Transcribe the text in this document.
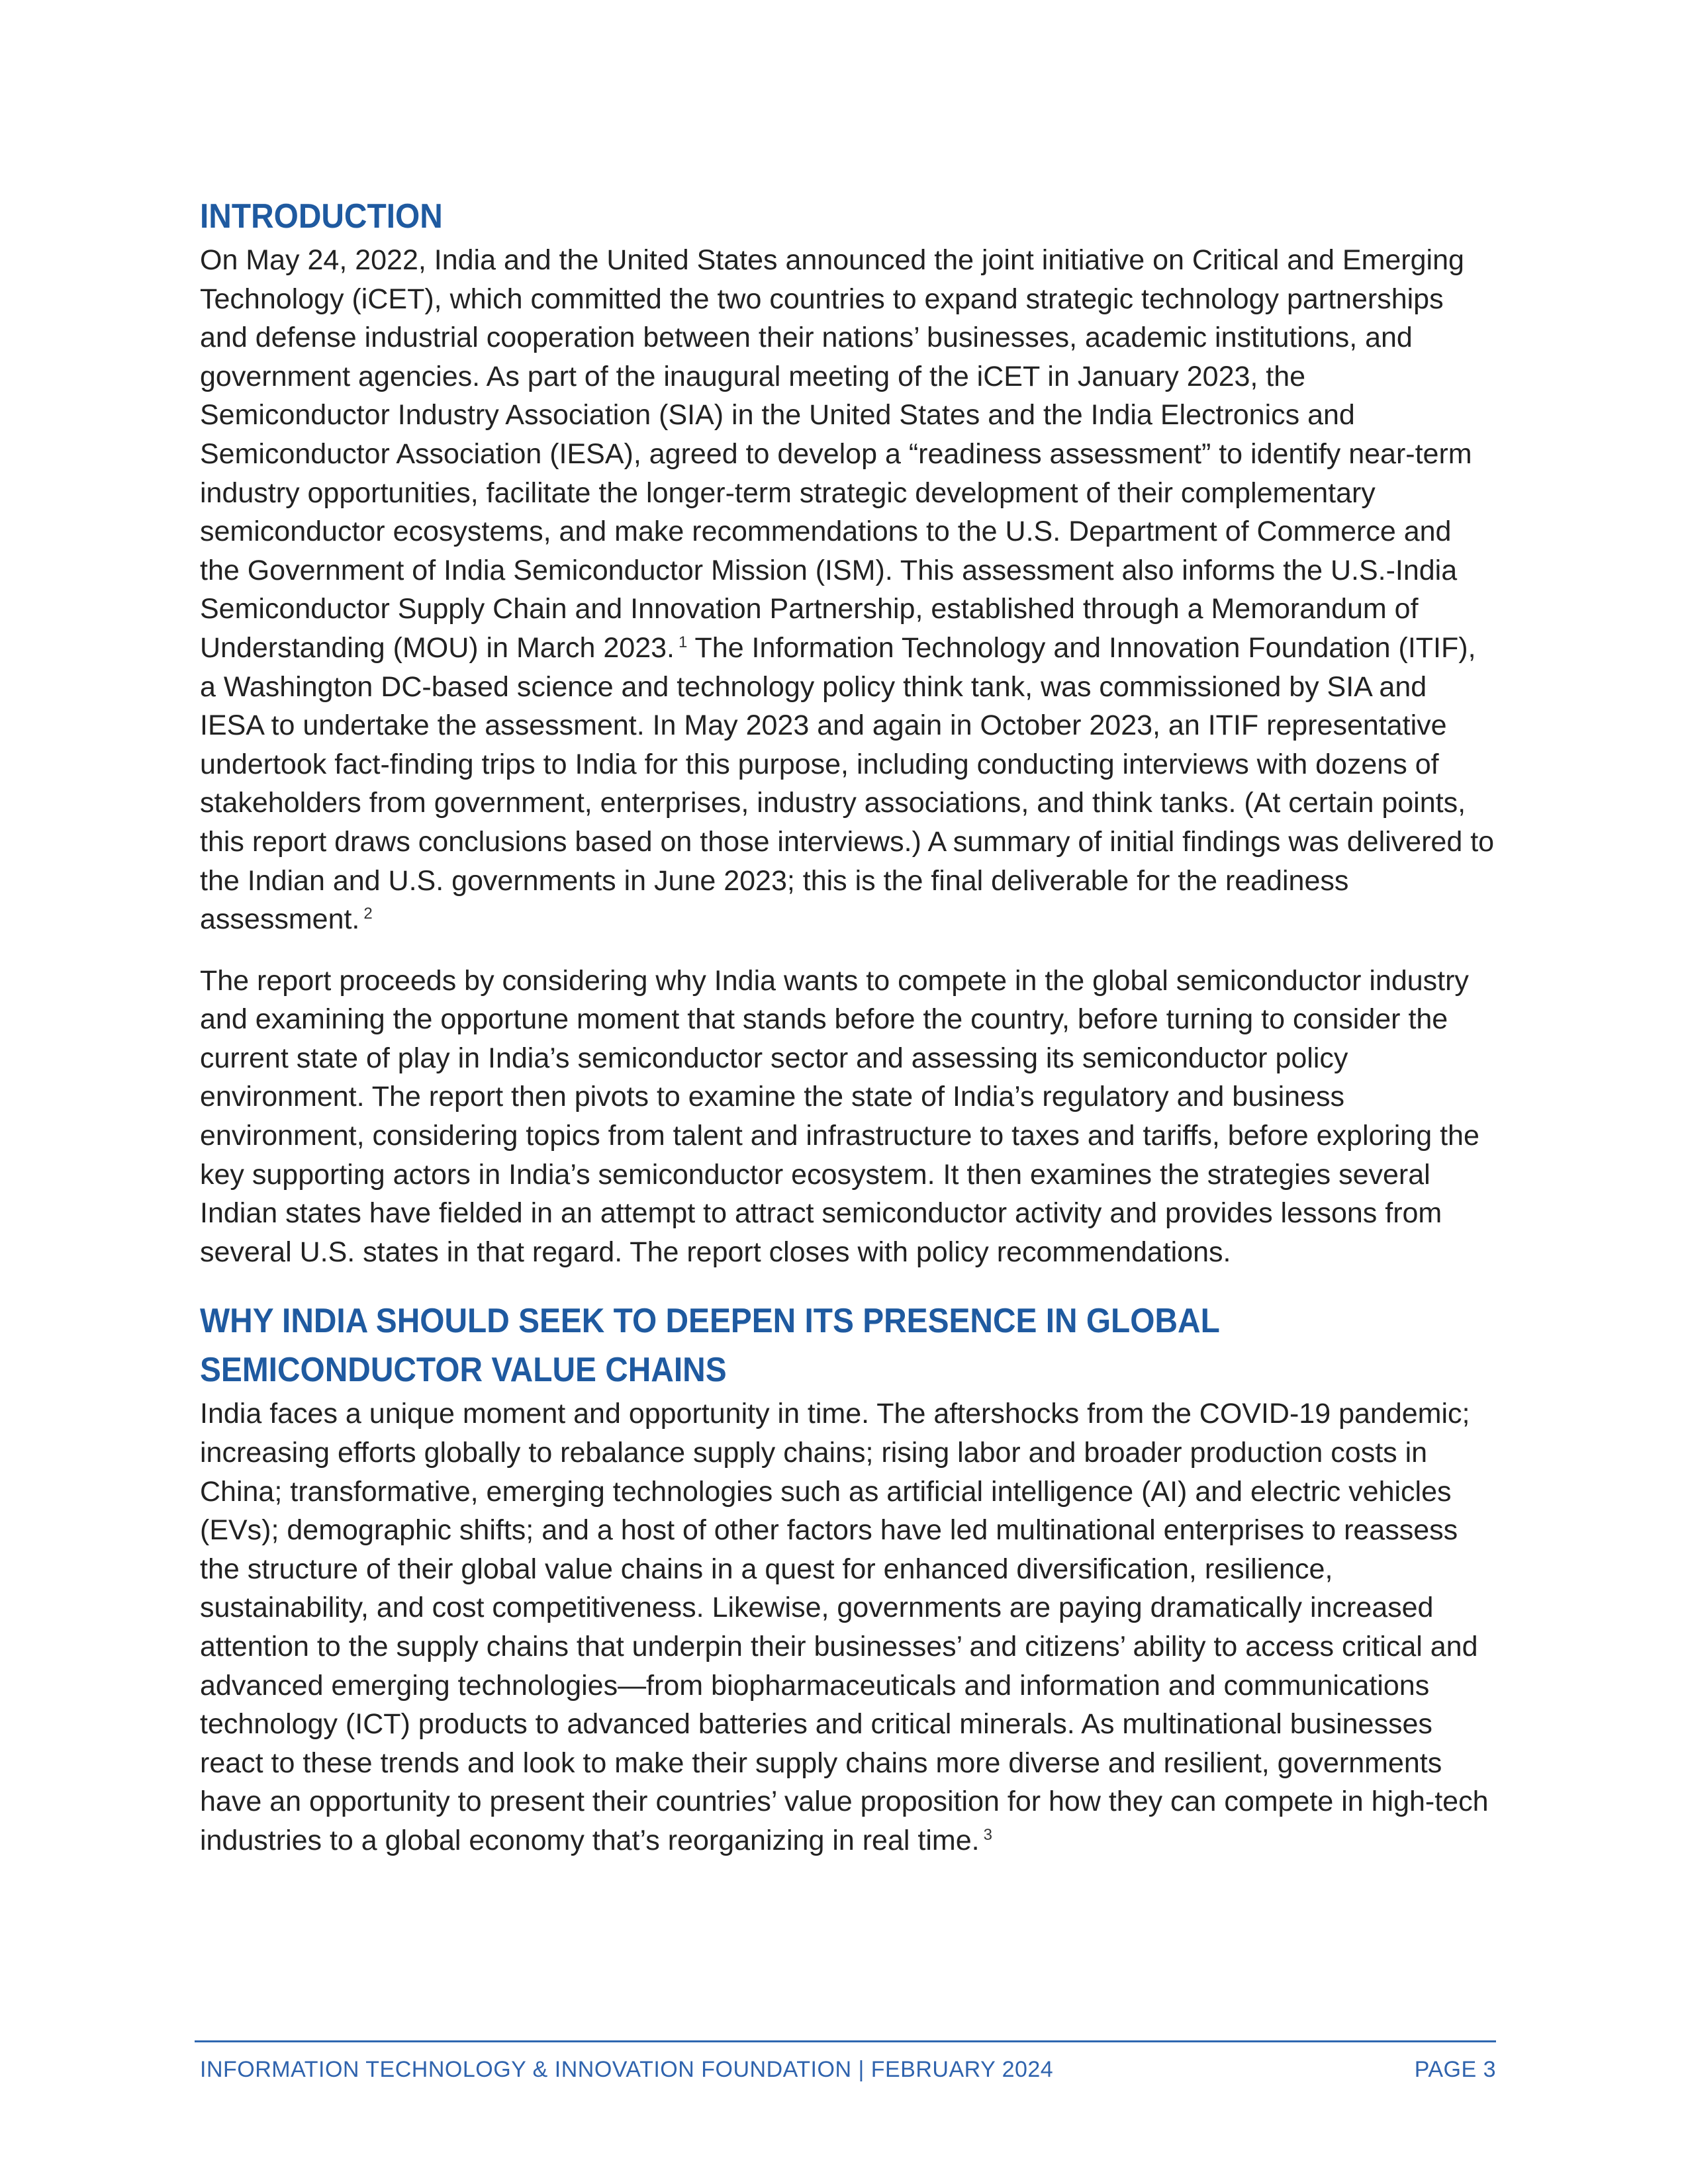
INTRODUCTION

On May 24, 2022, India and the United States announced the joint initiative on Critical and Emerging Technology (iCET), which committed the two countries to expand strategic technology partnerships and defense industrial cooperation between their nations’ businesses, academic institutions, and government agencies. As part of the inaugural meeting of the iCET in January 2023, the Semiconductor Industry Association (SIA) in the United States and the India Electronics and Semiconductor Association (IESA), agreed to develop a “readiness assessment” to identify near-term industry opportunities, facilitate the longer-term strategic development of their complementary semiconductor ecosystems, and make recommendations to the U.S. Department of Commerce and the Government of India Semiconductor Mission (ISM). This assessment also informs the U.S.-India Semiconductor Supply Chain and Innovation Partnership, established through a Memorandum of Understanding (MOU) in March 2023. $^1$ The Information Technology and Innovation Foundation (ITIF), a Washington DC-based science and technology policy think tank, was commissioned by SIA and IESA to undertake the assessment. In May 2023 and again in October 2023, an ITIF representative undertook fact-finding trips to India for this purpose, including conducting interviews with dozens of stakeholders from government, enterprises, industry associations, and think tanks. (At certain points, this report draws conclusions based on those interviews.) A summary of initial findings was delivered to the Indian and U.S. governments in June 2023; this is the final deliverable for the readiness assessment. $^2$

The report proceeds by considering why India wants to compete in the global semiconductor industry and examining the opportune moment that stands before the country, before turning to consider the current state of play in India’s semiconductor sector and assessing its semiconductor policy environment. The report then pivots to examine the state of India’s regulatory and business environment, considering topics from talent and infrastructure to taxes and tariffs, before exploring the key supporting actors in India’s semiconductor ecosystem. It then examines the strategies several Indian states have fielded in an attempt to attract semiconductor activity and provides lessons from several U.S. states in that regard. The report closes with policy recommendations.

WHY INDIA SHOULD SEEK TO DEEPEN ITS PRESENCE IN GLOBAL
SEMICONDUCTOR VALUE CHAINS

India faces a unique moment and opportunity in time. The aftershocks from the COVID-19 pandemic; increasing efforts globally to rebalance supply chains; rising labor and broader production costs in China; transformative, emerging technologies such as artificial intelligence (AI) and electric vehicles (EVs); demographic shifts; and a host of other factors have led multinational enterprises to reassess the structure of their global value chains in a quest for enhanced diversification, resilience, sustainability, and cost competitiveness. Likewise, governments are paying dramatically increased attention to the supply chains that underpin their businesses’ and citizens’ ability to access critical and advanced emerging technologies—from biopharmaceuticals and information and communications technology (ICT) products to advanced batteries and critical minerals. As multinational businesses react to these trends and look to make their supply chains more diverse and resilient, governments have an opportunity to present their countries’ value proposition for how they can compete in high-tech industries to a global economy that’s reorganizing in real time. $^3$

INFORMATION TECHNOLOGY & INNOVATION FOUNDATION | FEBRUARY 2024	PAGE 3
